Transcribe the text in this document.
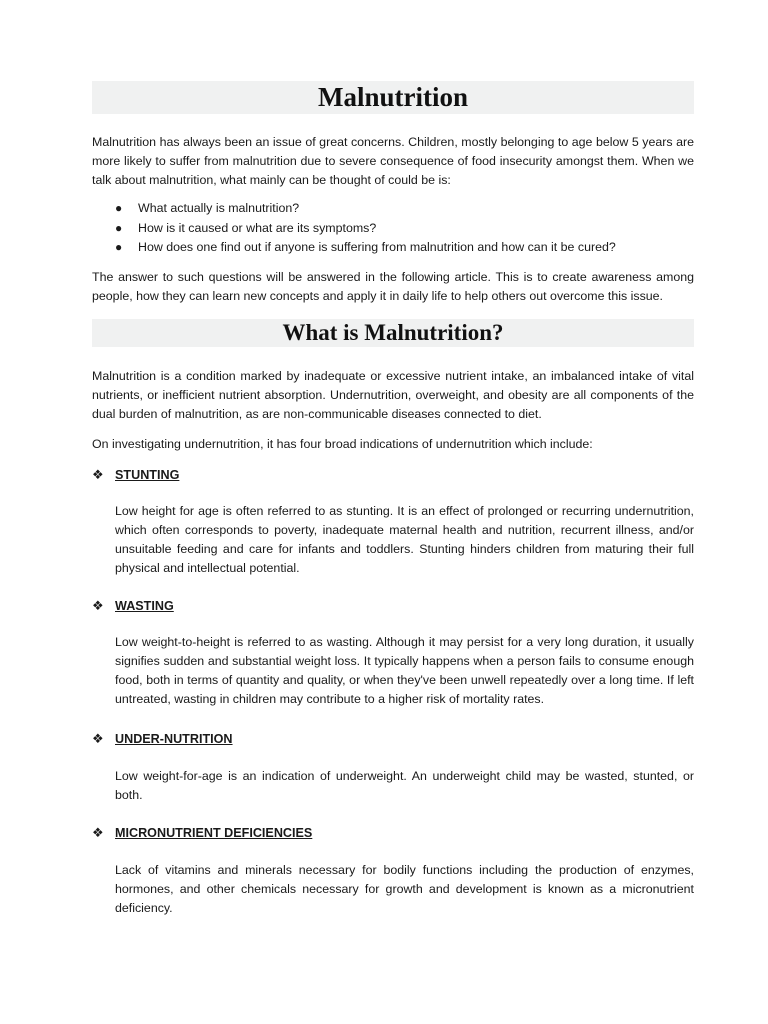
Malnutrition

Malnutrition has always been an issue of great concerns. Children, mostly belonging to age below 5 years are more likely to suffer from malnutrition due to severe consequence of food insecurity amongst them. When we talk about malnutrition, what mainly can be thought of could be is:

● What actually is malnutrition?
● How is it caused or what are its symptoms?
● How does one find out if anyone is suffering from malnutrition and how can it be cured?

The answer to such questions will be answered in the following article. This is to create awareness among people, how they can learn new concepts and apply it in daily life to help others out overcome this issue.

What is Malnutrition?

Malnutrition is a condition marked by inadequate or excessive nutrient intake, an imbalanced intake of vital nutrients, or inefficient nutrient absorption. Undernutrition, overweight, and obesity are all components of the dual burden of malnutrition, as are non-communicable diseases connected to diet.

On investigating undernutrition, it has four broad indications of undernutrition which include:

❖ STUNTING

Low height for age is often referred to as stunting. It is an effect of prolonged or recurring undernutrition, which often corresponds to poverty, inadequate maternal health and nutrition, recurrent illness, and/or unsuitable feeding and care for infants and toddlers. Stunting hinders children from maturing their full physical and intellectual potential.

❖ WASTING

Low weight-to-height is referred to as wasting. Although it may persist for a very long duration, it usually signifies sudden and substantial weight loss. It typically happens when a person fails to consume enough food, both in terms of quantity and quality, or when they've been unwell repeatedly over a long time. If left untreated, wasting in children may contribute to a higher risk of mortality rates.

❖ UNDER-NUTRITION

Low weight-for-age is an indication of underweight. An underweight child may be wasted, stunted, or both.

❖ MICRONUTRIENT DEFICIENCIES

Lack of vitamins and minerals necessary for bodily functions including the production of enzymes, hormones, and other chemicals necessary for growth and development is known as a micronutrient deficiency.
